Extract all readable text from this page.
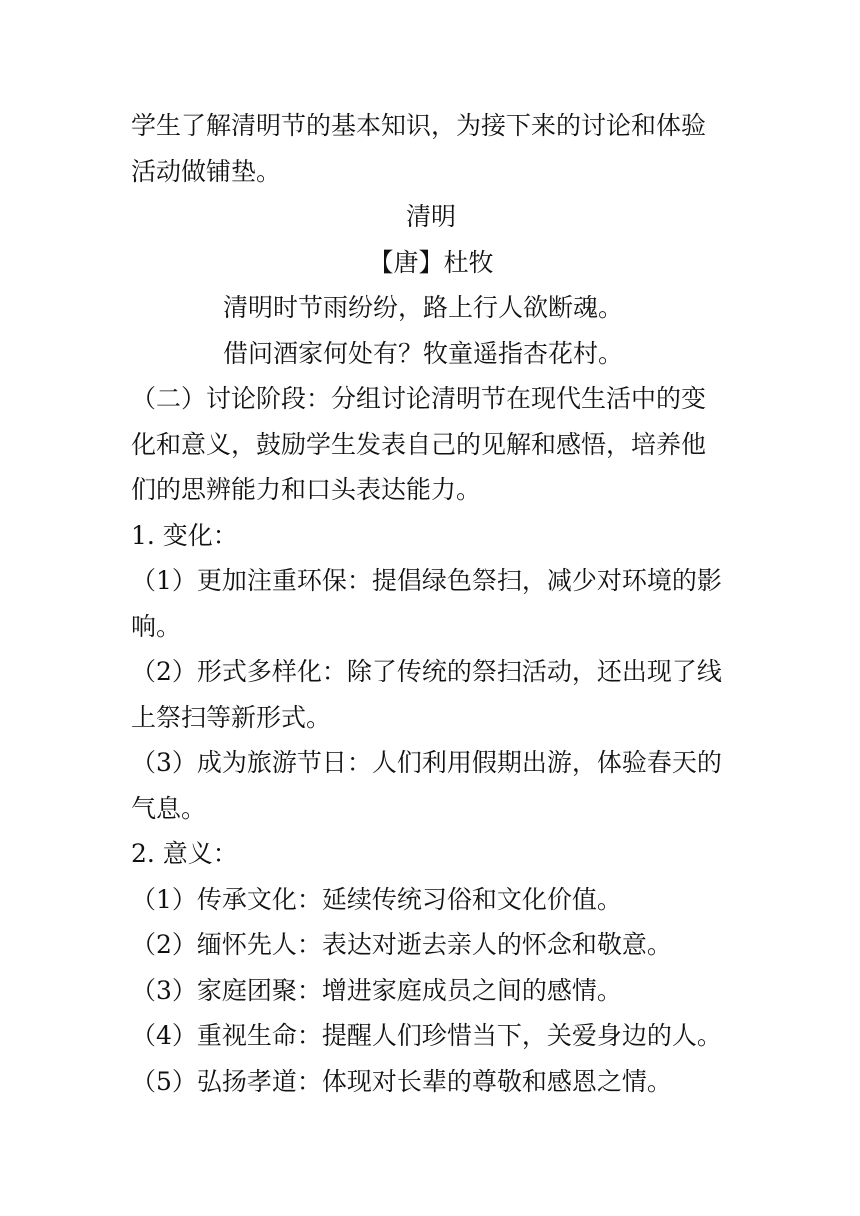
学生了解清明节的基本知识，为接下来的讨论和体验
活动做铺垫。
清明
【唐】杜牧
清明时节雨纷纷，路上行人欲断魂。
借问酒家何处有？牧童遥指杏花村。
（二）讨论阶段：分组讨论清明节在现代生活中的变
化和意义，鼓励学生发表自己的见解和感悟，培养他
们的思辨能力和口头表达能力。
1. 变化：
（1）更加注重环保：提倡绿色祭扫，减少对环境的影
响。
（2）形式多样化：除了传统的祭扫活动，还出现了线
上祭扫等新形式。
（3）成为旅游节日：人们利用假期出游，体验春天的
气息。
2. 意义：
（1）传承文化：延续传统习俗和文化价值。
（2）缅怀先人：表达对逝去亲人的怀念和敬意。
（3）家庭团聚：增进家庭成员之间的感情。
（4）重视生命：提醒人们珍惜当下，关爱身边的人。
（5）弘扬孝道：体现对长辈的尊敬和感恩之情。
